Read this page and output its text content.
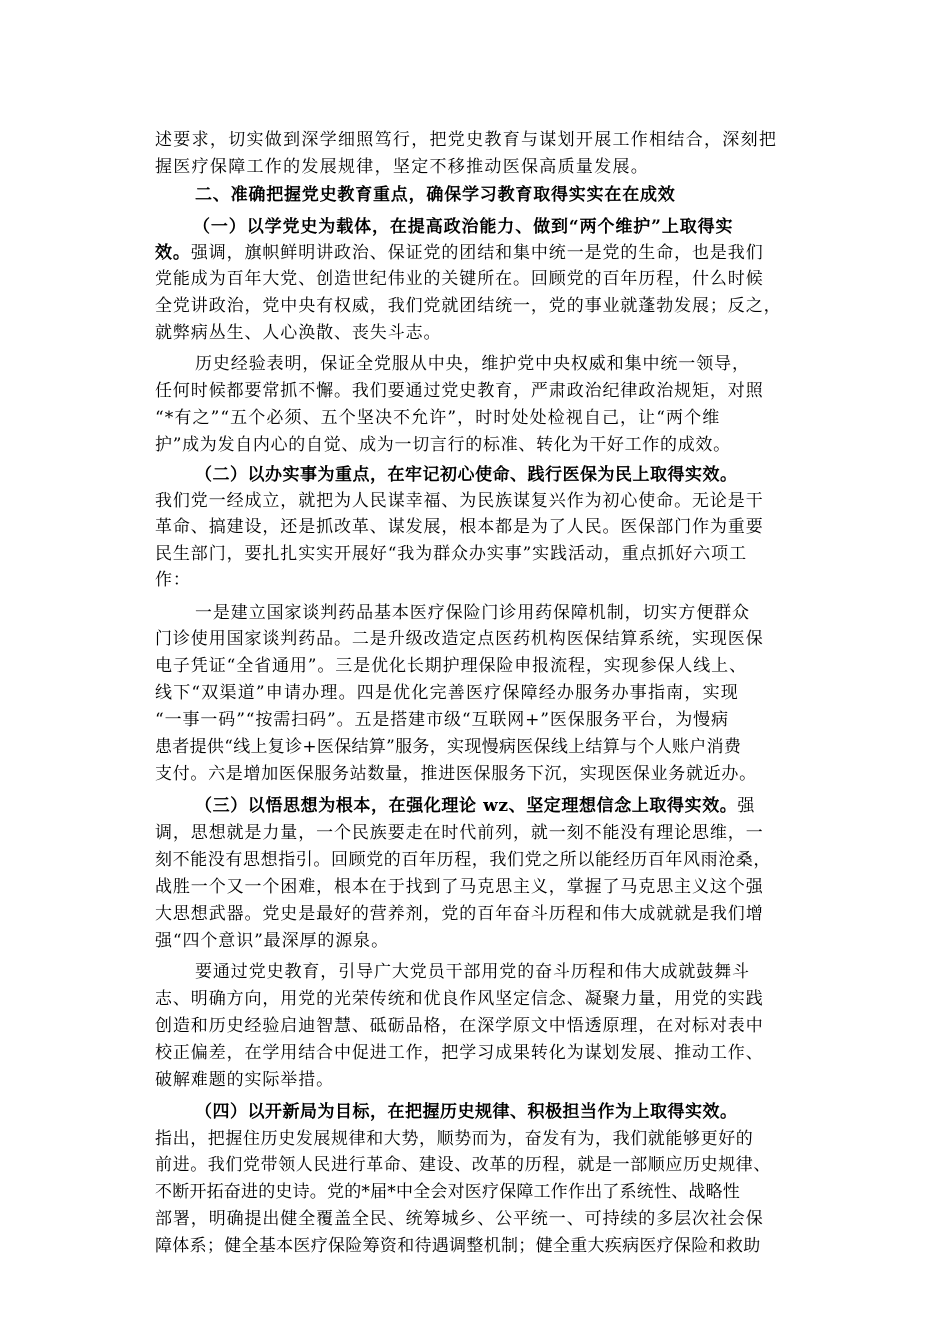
述要求，切实做到深学细照笃行，把党史教育与谋划开展工作相结合，深刻把

握医疗保障工作的发展规律，坚定不移推动医保高质量发展。

二、准确把握党史教育重点，确保学习教育取得实实在在成效

（一）以学党史为载体，在提高政治能力、做到“两个维护”上取得实

效。强调，旗帜鲜明讲政治、保证党的团结和集中统一是党的生命，也是我们

党能成为百年大党、创造世纪伟业的关键所在。回顾党的百年历程，什么时候

全党讲政治，党中央有权威，我们党就团结统一，党的事业就蓬勃发展；反之，

就弊病丛生、人心涣散、丧失斗志。

历史经验表明，保证全党服从中央，维护党中央权威和集中统一领导，

任何时候都要常抓不懈。我们要通过党史教育，严肃政治纪律政治规矩，对照

“*有之”“五个必须、五个坚决不允许”，时时处处检视自己，让“两个维

护”成为发自内心的自觉、成为一切言行的标准、转化为干好工作的成效。

（二）以办实事为重点，在牢记初心使命、践行医保为民上取得实效。

我们党一经成立，就把为人民谋幸福、为民族谋复兴作为初心使命。无论是干

革命、搞建设，还是抓改革、谋发展，根本都是为了人民。医保部门作为重要

民生部门，要扎扎实实开展好“我为群众办实事”实践活动，重点抓好六项工

作：

一是建立国家谈判药品基本医疗保险门诊用药保障机制，切实方便群众

门诊使用国家谈判药品。二是升级改造定点医药机构医保结算系统，实现医保

电子凭证“全省通用”。三是优化长期护理保险申报流程，实现参保人线上、

线下“双渠道”申请办理。四是优化完善医疗保障经办服务办事指南，实现

“一事一码”“按需扫码”。五是搭建市级“互联网+”医保服务平台，为慢病

患者提供“线上复诊+医保结算”服务，实现慢病医保线上结算与个人账户消费

支付。六是增加医保服务站数量，推进医保服务下沉，实现医保业务就近办。

（三）以悟思想为根本，在强化理论 wz、坚定理想信念上取得实效。强

调，思想就是力量，一个民族要走在时代前列，就一刻不能没有理论思维，一

刻不能没有思想指引。回顾党的百年历程，我们党之所以能经历百年风雨沧桑，

战胜一个又一个困难，根本在于找到了马克思主义，掌握了马克思主义这个强

大思想武器。党史是最好的营养剂，党的百年奋斗历程和伟大成就就是我们增

强“四个意识”最深厚的源泉。

要通过党史教育，引导广大党员干部用党的奋斗历程和伟大成就鼓舞斗

志、明确方向，用党的光荣传统和优良作风坚定信念、凝聚力量，用党的实践

创造和历史经验启迪智慧、砥砺品格，在深学原文中悟透原理，在对标对表中

校正偏差，在学用结合中促进工作，把学习成果转化为谋划发展、推动工作、

破解难题的实际举措。

（四）以开新局为目标，在把握历史规律、积极担当作为上取得实效。

指出，把握住历史发展规律和大势，顺势而为，奋发有为，我们就能够更好的

前进。我们党带领人民进行革命、建设、改革的历程，就是一部顺应历史规律、

不断开拓奋进的史诗。党的*届*中全会对医疗保障工作作出了系统性、战略性

部署，明确提出健全覆盖全民、统筹城乡、公平统一、可持续的多层次社会保

障体系；健全基本医疗保险筹资和待遇调整机制；健全重大疾病医疗保险和救助
